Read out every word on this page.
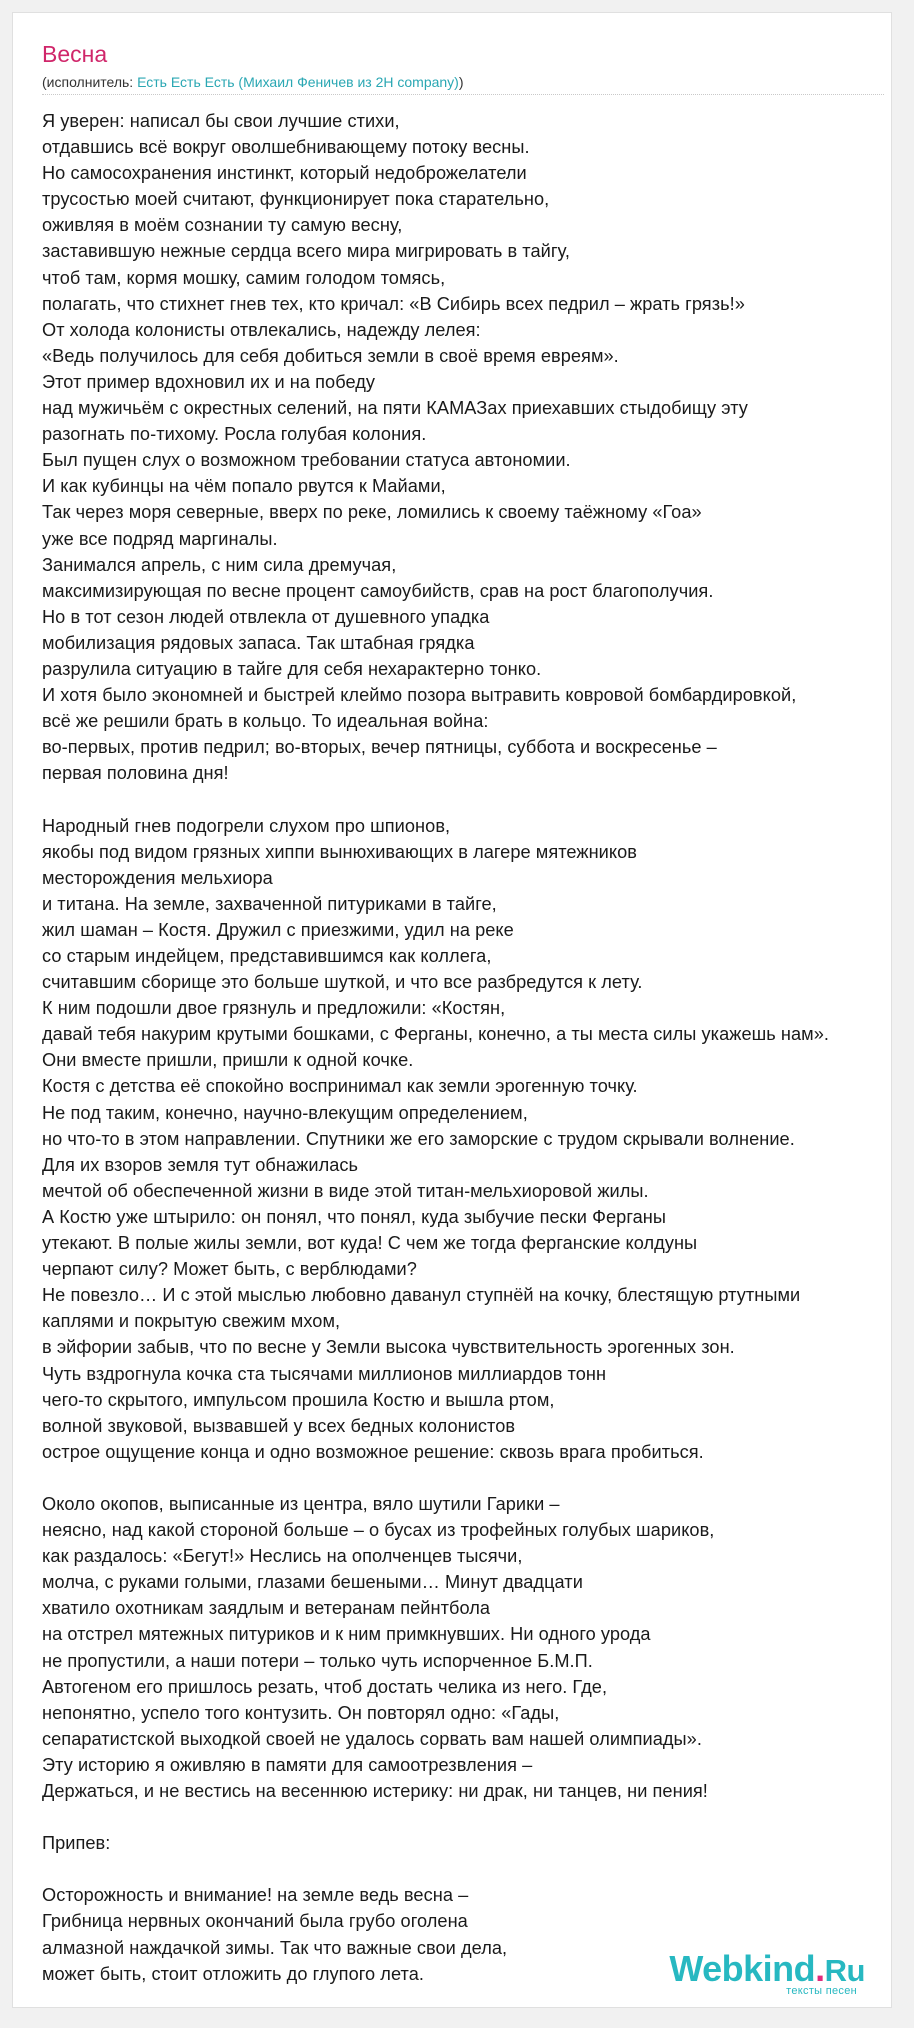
Весна
(исполнитель: Есть Есть Есть (Михаил Феничев из 2H company))
Я уверен: написал бы свои лучшие стихи,
отдавшись всё вокруг оволшебнивающему потоку весны.
Но самосохранения инстинкт, который недоброжелатели
трусостью моей считают, функционирует пока старательно,
оживляя в моём сознании ту самую весну,
заставившую нежные сердца всего мира мигрировать в тайгу,
чтоб там, кормя мошку, самим голодом томясь,
полагать, что стихнет гнев тех, кто кричал: «В Сибирь всех педрил – жрать грязь!»
От холода колонисты отвлекались, надежду лелея:
«Ведь получилось для себя добиться земли в своё время евреям».
Этот пример вдохновил их и на победу
над мужичьём с окрестных селений, на пяти КАМАЗах приехавших стыдобищу эту
разогнать по-тихому. Росла голубая колония.
Был пущен слух о возможном требовании статуса автономии.
И как кубинцы на чём попало рвутся к Майами,
Так через моря северные, вверх по реке, ломились к своему таёжному «Гоа»
уже все подряд маргиналы.
Занимался апрель, с ним сила дремучая,
максимизирующая по весне процент самоубийств, срав на рост благополучия.
Но в тот сезон людей отвлекла от душевного упадка
мобилизация рядовых запаса. Так штабная грядка
разрулила ситуацию в тайге для себя нехарактерно тонко.
И хотя было экономней и быстрей клеймо позора вытравить ковровой бомбардировкой,
всё же решили брать в кольцо. То идеальная война:
во-первых, против педрил; во-вторых, вечер пятницы, суббота и воскресенье –
первая половина дня!
Народный гнев подогрели слухом про шпионов,
якобы под видом грязных хиппи вынюхивающих в лагере мятежников
месторождения мельхиора
и титана. На земле, захваченной питуриками в тайге,
жил шаман – Костя. Дружил с приезжими, удил на реке
со старым индейцем, представившимся как коллега,
считавшим сборище это больше шуткой, и что все разбредутся к лету.
К ним подошли двое грязнуль и предложили: «Костян,
давай тебя накурим крутыми бошками, с Ферганы, конечно, а ты места силы укажешь нам».
Они вместе пришли, пришли к одной кочке.
Костя с детства её спокойно воспринимал как земли эрогенную точку.
Не под таким, конечно, научно-влекущим определением,
но что-то в этом направлении. Спутники же его заморские с трудом скрывали волнение.
Для их взоров земля тут обнажилась
мечтой об обеспеченной жизни в виде этой титан-мельхиоровой жилы.
А Костю уже штырило: он понял, что понял, куда зыбучие пески Ферганы
утекают. В полые жилы земли, вот куда! С чем же тогда ферганские колдуны
черпают силу? Может быть, с верблюдами?
Не повезло… И с этой мыслью любовно даванул ступнёй на кочку, блестящую ртутными
каплями и покрытую свежим мхом,
в эйфории забыв, что по весне у Земли высока чувствительность эрогенных зон.
Чуть вздрогнула кочка ста тысячами миллионов миллиардов тонн
чего-то скрытого, импульсом прошила Костю и вышла ртом,
волной звуковой, вызвавшей у всех бедных колонистов
острое ощущение конца и одно возможное решение: сквозь врага пробиться.
Около окопов, выписанные из центра, вяло шутили Гарики –
неясно, над какой стороной больше – о бусах из трофейных голубых шариков,
как раздалось: «Бегут!» Неслись на ополченцев тысячи,
молча, с руками голыми, глазами бешеными… Минут двадцати
хватило охотникам заядлым и ветеранам пейнтбола
на отстрел мятежных питуриков и к ним примкнувших. Ни одного урода
не пропустили, а наши потери – только чуть испорченное Б.М.П.
Автогеном его пришлось резать, чтоб достать челика из него. Где,
непонятно, успело того контузить. Он повторял одно: «Гады,
сепаратистской выходкой своей не удалось сорвать вам нашей олимпиады».
Эту историю я оживляю в памяти для самоотрезвления –
Держаться, и не вестись на весеннюю истерику: ни драк, ни танцев, ни пения!
Припев:
Осторожность и внимание! на земле ведь весна –
Грибница нервных окончаний была грубо оголена
алмазной наждачкой зимы. Так что важные свои дела,
может быть, стоит отложить до глупого лета.	Webkind.Ru
тексты песен
